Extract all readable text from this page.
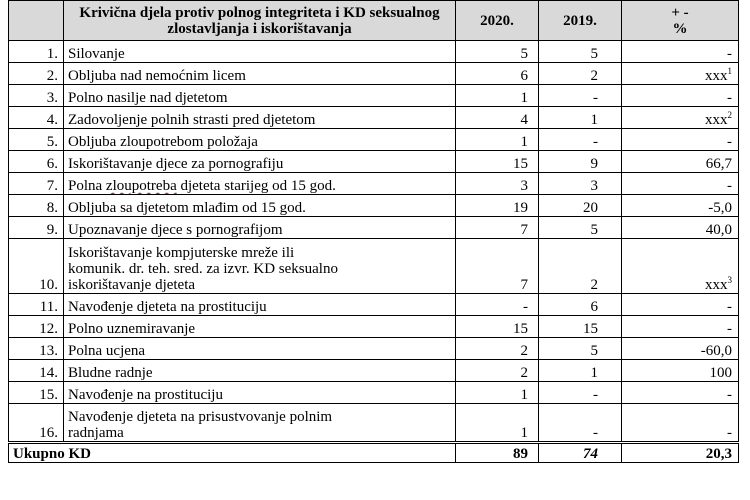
	Krivična djela protiv polnog integriteta i KD seksualnog zlostavljanja i iskorištavanja	2020.	2019.	+ -
%

1.	Silovanje	5	5	-
2.	Obljuba nad nemoćnim licem	6	2	xxx$^1$
3.	Polno nasilje nad djetetom	1	-	-
4.	Zadovoljenje polnih strasti pred djetetom	4	1	xxx$^2$
5.	Obljuba zloupotrebom položaja	1	-	-
6.	Iskorištavanje djece za pornografiju	15	9	66,7
7.	Polna zloupotreba djeteta starijeg od 15 god.	3	3	-
8.	Obljuba sa djetetom mlađim od 15 god.	19	20	-5,0
9.	Upoznavanje djece s pornografijom	7	5	40,0
10.	Iskorištavanje kompjuterske mreže ili
komunik. dr. teh. sred. za izvr. KD seksualno
iskorištavanje djeteta	7	2	xxx$^3$
11.	Navođenje djeteta na prostituciju	-	6	-
12.	Polno uznemiravanje	15	15	-
13.	Polna ucjena	2	5	-60,0
14.	Bludne radnje	2	1	100
15.	Navođenje na prostituciju	1	-	-
16.	Navođenje djeteta na prisustvovanje polnim
radnjama	1	-	-
Ukupno KD		89	74	20,3
